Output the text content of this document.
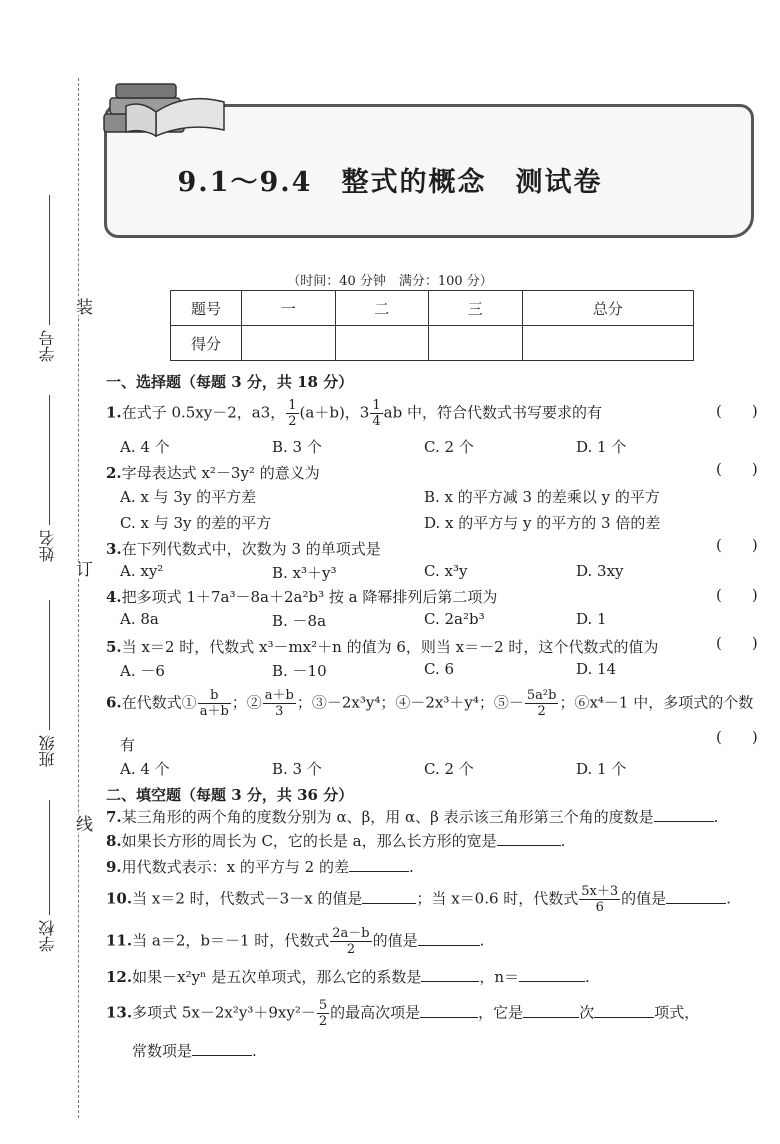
装
订
线
学号
姓名
班级
学校
9.1～9.4　整式的概念　测试卷
（时间：40 分钟　满分：100 分）
题号	一	二	三	总分
得分				
一、选择题（每题 3 分，共 18 分）
1.在式子 0.5xy－2，a3， $\frac{1}{2} (a+b)$，$3 \frac{1}{4}$ ab 中，符合代数式书写要求的有	(　　)
A. 4 个	B. 3 个	C. 2 个	D. 1 个
2.字母表达式 x²－3y² 的意义为	(　　)
A. x 与 3y 的平方差	B. x 的平方减 3 的差乘以 y 的平方
C. x 与 3y 的差的平方	D. x 的平方与 y 的平方的 3 倍的差
3.在下列代数式中，次数为 3 的单项式是	(　　)
A. xy²	B. x³＋y³	C. x³y	D. 3xy
4.把多项式 1＋7a³－8a＋2a²b³ 按 a 降幂排列后第二项为	(　　)
A. 8a	B. －8a	C. 2a²b³	D. 1
5.当 x＝2 时，代数式 x³－mx²＋n 的值为 6，则当 x＝－2 时，这个代数式的值为	(　　)
A. －6	B. －10	C. 6	D. 14
6.在代数式① $\frac{b}{a+b}$ ；② $\frac{a+b}{3}$ ；③－2x³y⁴；④－2x³＋y⁴；⑤－ $\frac{\text{5a²b}}{2}$ ；⑥x⁴－1 中，多项式的个数
有	(　　)
A. 4 个	B. 3 个	C. 2 个	D. 1 个
二、填空题（每题 3 分，共 36 分）
7.某三角形的两个角的度数分别为 α、β，用 α、β 表示该三角形第三个角的度数是	.
8.如果长方形的周长为 C，它的长是 a，那么长方形的宽是	.
9.用代数式表示：x 的平方与 2 的差	.
10.当 x＝2 时，代数式－3－x 的值是	；当 x＝0.6 时，代数式 $\frac{5x+3}{6}$ 的值是	.
11.当 a＝2，b＝－1 时，代数式 $\frac{2a-b}{2}$ 的值是	.
12.如果－x²yⁿ 是五次单项式，那么它的系数是	，n＝	.
13.多项式 $5x-2x^2y^3+9xy^2- \frac{5}{2}$ 的最高次项是	，它是	次	项式，
常数项是	.
